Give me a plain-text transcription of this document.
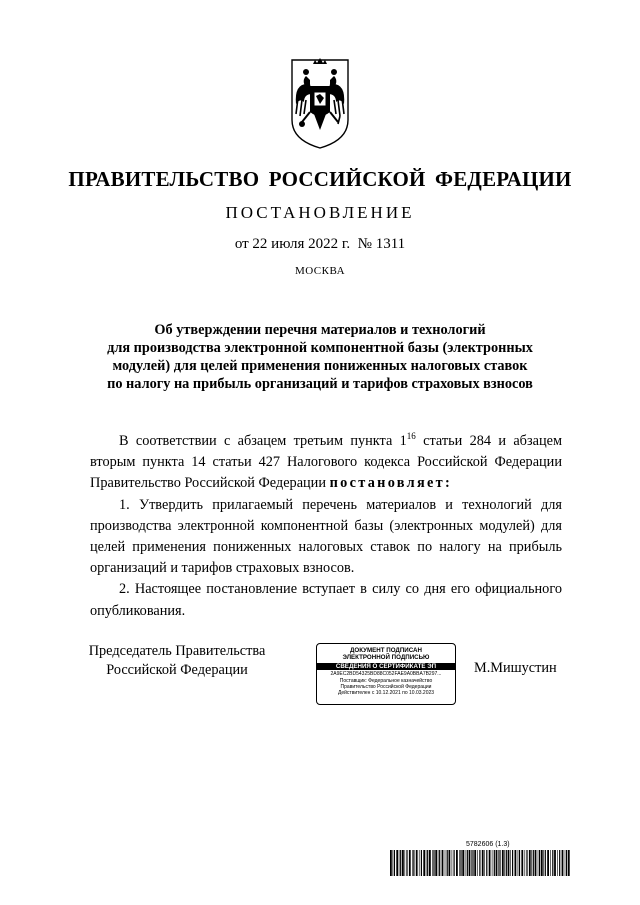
ПРАВИТЕЛЬСТВО РОССИЙСКОЙ ФЕДЕРАЦИИ
ПОСТАНОВЛЕНИЕ
от 22 июля 2022 г. № 1311
МОСКВА
Об утверждении перечня материалов и технологий
для производства электронной компонентной базы (электронных
модулей) для целей применения пониженных налоговых ставок
по налогу на прибыль организаций и тарифов страховых взносов

В соответствии с абзацем третьим пункта $1^{16}$ статьи 284 и абзацем вторым пункта 14 статьи 427 Налогового кодекса Российской Федерации Правительство Российской Федерации постановляет:

1. Утвердить прилагаемый перечень материалов и технологий для производства электронной компонентной базы (электронных модулей) для целей применения пониженных налоговых ставок по налогу на прибыль организаций и тарифов страховых взносов.

2. Настоящее постановление вступает в силу со дня его официального опубликования.

Председатель Правительства
Российской Федерации
ДОКУМЕНТ ПОДПИСАН
ЭЛЕКТРОННОЙ ПОДПИСЬЮ
СВЕДЕНИЯ О СЕРТИФИКАТЕ ЭП
2A9EC2BD54325BD88C052FAE9A0BBA7B297...
Поставщик: Федеральное казначейство
Правительство Российской Федерации
Действителен с 10.12.2021 по 10.03.2023
М.Мишустин
5782606 (1.3)
